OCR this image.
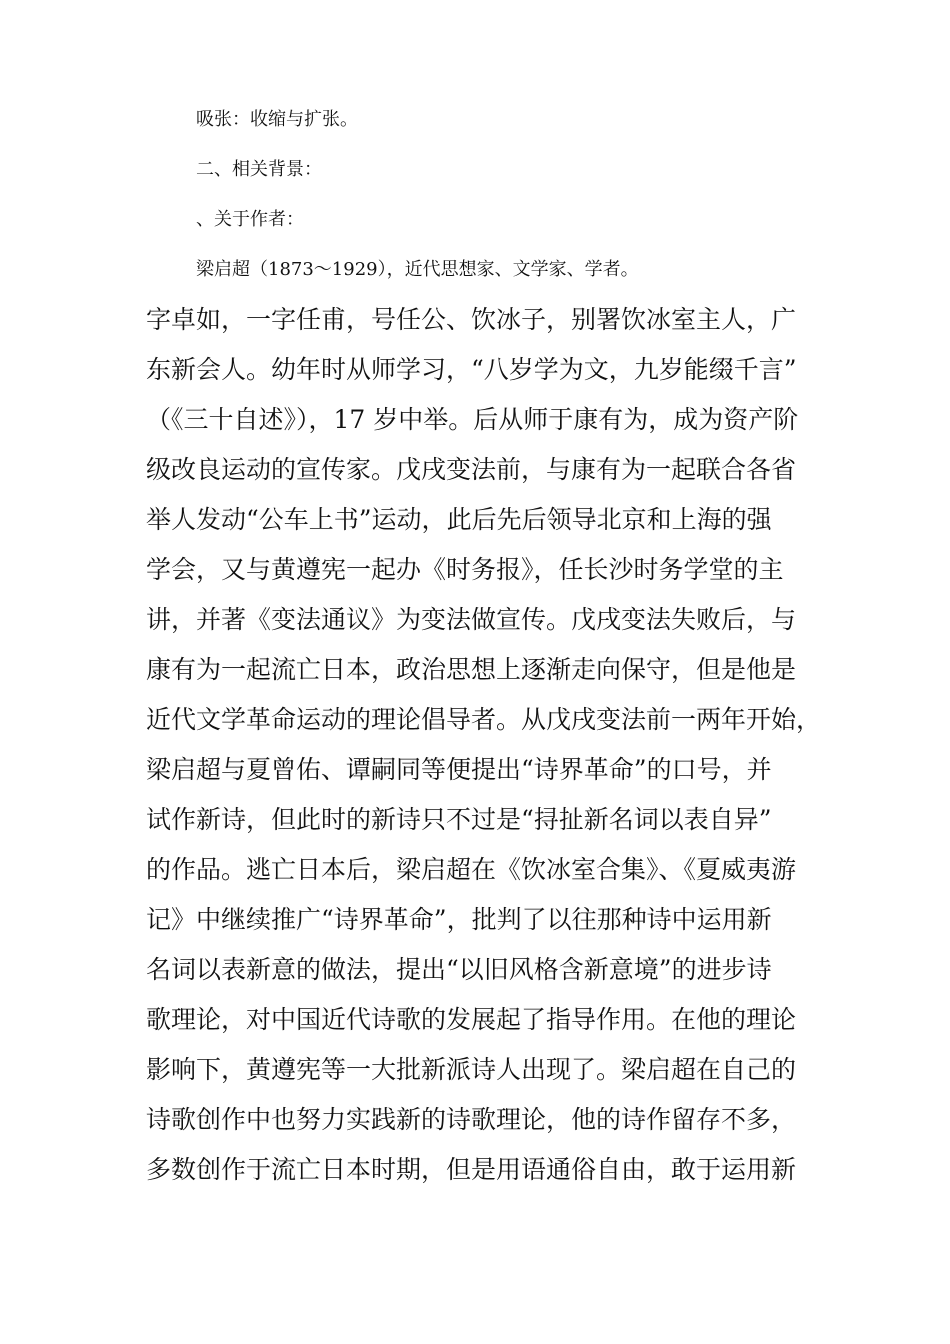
吸张：收缩与扩张。
二、相关背景：
、关于作者：
梁启超（1873～1929），近代思想家、文学家、学者。
字卓如，一字任甫，号任公、饮冰子，别署饮冰室主人，广
东新会人。幼年时从师学习，“八岁学为文，九岁能缀千言”
（《三十自述》），17 岁中举。后从师于康有为，成为资产阶
级改良运动的宣传家。戊戌变法前，与康有为一起联合各省
举人发动“公车上书”运动，此后先后领导北京和上海的强
学会，又与黄遵宪一起办《时务报》，任长沙时务学堂的主
讲，并著《变法通议》为变法做宣传。戊戌变法失败后，与
康有为一起流亡日本，政治思想上逐渐走向保守，但是他是
近代文学革命运动的理论倡导者。从戊戌变法前一两年开始，
梁启超与夏曾佑、谭嗣同等便提出“诗界革命”的口号，并
试作新诗，但此时的新诗只不过是“挦扯新名词以表自异”
的作品。逃亡日本后，梁启超在《饮冰室合集》、《夏威夷游
记》中继续推广“诗界革命”，批判了以往那种诗中运用新
名词以表新意的做法，提出“以旧风格含新意境”的进步诗
歌理论，对中国近代诗歌的发展起了指导作用。在他的理论
影响下，黄遵宪等一大批新派诗人出现了。梁启超在自己的
诗歌创作中也努力实践新的诗歌理论，他的诗作留存不多，
多数创作于流亡日本时期，但是用语通俗自由，敢于运用新
